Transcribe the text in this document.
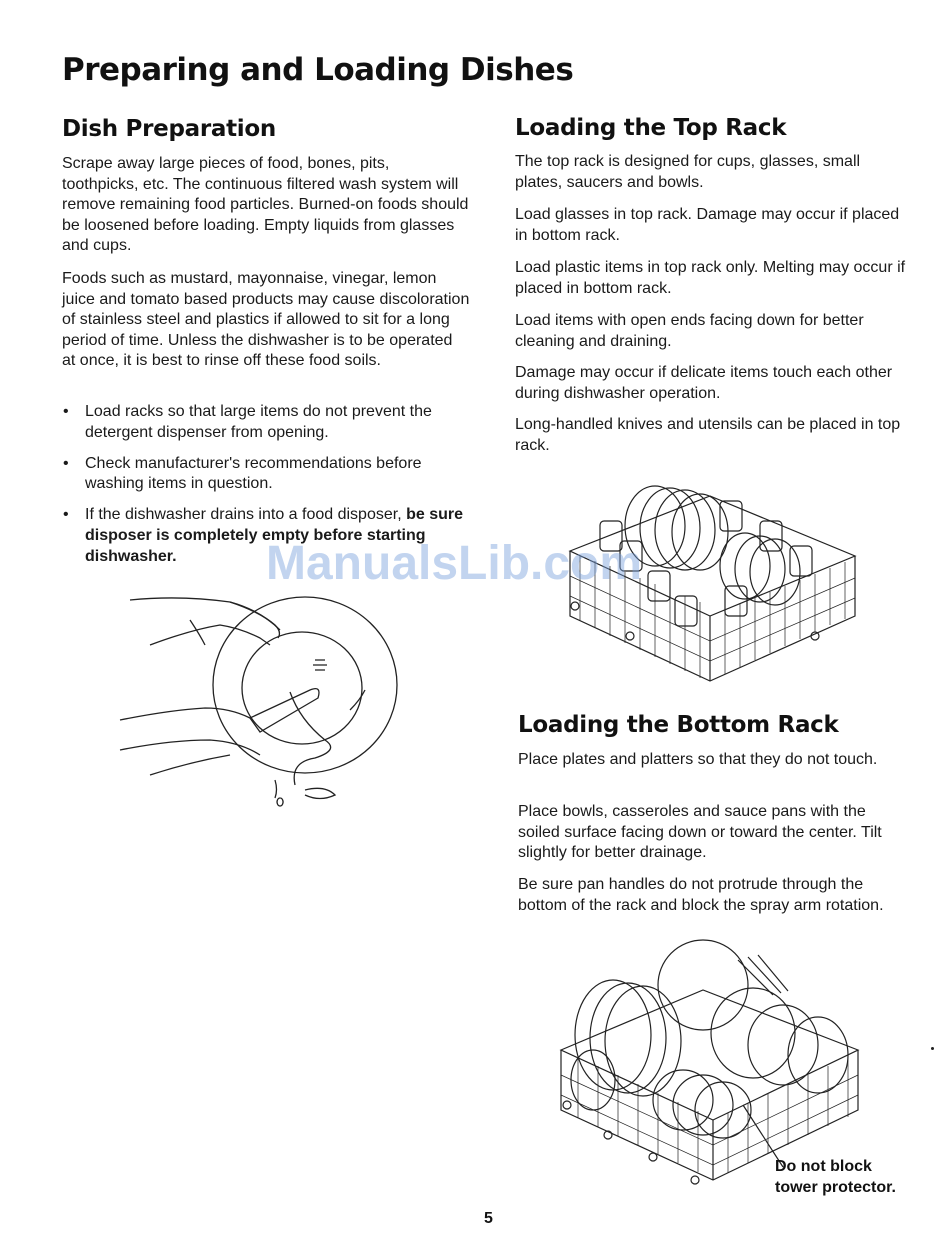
Preparing and Loading Dishes
Dish Preparation

Scrape away large pieces of food, bones, pits, toothpicks, etc. The continuous filtered wash system will remove remaining food particles. Burned-on foods should be loosened before loading. Empty liquids from glasses and cups.

Foods such as mustard, mayonnaise, vinegar, lemon juice and tomato based products may cause discoloration of stainless steel and plastics if allowed to sit for a long period of time. Unless the dishwasher is to be operated at once, it is best to rinse off these food soils.

• Load racks so that large items do not prevent the detergent dispenser from opening.
• Check manufacturer's recommendations before washing items in question.
• If the dishwasher drains into a food disposer, be sure disposer is completely empty before starting dishwasher.
Loading the Top Rack

The top rack is designed for cups, glasses, small plates, saucers and bowls.

Load glasses in top rack. Damage may occur if placed in bottom rack.

Load plastic items in top rack only. Melting may occur if placed in bottom rack.

Load items with open ends facing down for better cleaning and draining.

Damage may occur if delicate items touch each other during dishwasher operation.

Long-handled knives and utensils can be placed in top rack.

Loading the Bottom Rack

Place plates and platters so that they do not touch.

Place bowls, casseroles and sauce pans with the soiled surface facing down or toward the center. Tilt slightly for better drainage.

Be sure pan handles do not protrude through the bottom of the rack and block the spray arm rotation.

Do not block
tower protector.
ManualsLib.com
5
